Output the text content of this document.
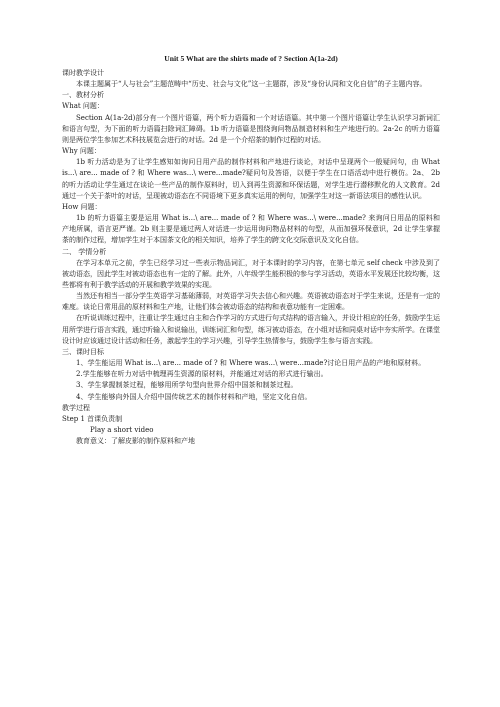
Unit 5 What are the shirts made of ? Section A(1a-2d)

课时教学设计

本课主题属于“人与社会”主题范畴中“历史、社会与文化”这一主题群，涉及“身份认同和文化自信”的子主题内容。

一、教材分析

What 问题：

Section A(1a-2d)部分有一个图片语篇，两个听力语篇和一个对话语篇。其中第一个图片语篇让学生认识学习新词汇和语言句型，为下面的听力语篇扫除词汇障碍。1b 听力语篇是围绕询问物品制造材料和生产地进行的。2a-2c 的听力语篇则是两位学生参加艺术科技展览会进行的对话。2d 是一个介绍茶的制作过程的对话。

Why 问题：

1b 听力活动是为了让学生感知如询问日用产品的制作材料和产地进行谈论，对话中呈现两个一般疑问句，由 What is...\ are... made of ? 和 Where was...\ were...made?疑问句及答语，以便于学生在口语活动中进行模仿。2a、 2b 的听力活动让学生通过在谈论一些产品的制作原料时，切入到再生资源和环保话题，对学生进行潜移默化的人文教育。2d 通过一个关于茶叶的对话，呈现被动语态在不同语境下更多真实运用的例句，加强学生对这一新语法项目的感性认识。

How 问题：

1b 的听力语篇主要是运用 What is...\ are... made of ? 和 Where was...\ were...made? 来询问日用品的原料和产地所属，语言更严谨。2b 则主要是通过两人对话进一步运用询问物品材料的句型，从而加强环保意识，2d 让学生掌握茶的制作过程，增加学生对于本国茶文化的相关知识，培养了学生的跨文化交际意识及文化自信。

二、 学情分析

在学习本单元之前，学生已经学习过一些表示物品词汇，对于本课时的学习内容，在第七单元 self check 中涉及到了被动语态，因此学生对被动语态也有一定的了解。此外，八年级学生能积极的参与学习活动，英语水平发展还比较均衡，这些都将有利于教学活动的开展和教学效果的实现。

当然还有相当一部分学生英语学习基础薄弱，对英语学习失去信心和兴趣。英语被动语态对于学生来说，还是有一定的难度。谈论日常用品的原材料和生产地，让他们体会被动语态的结构和表意功能有一定困难。

在听说训练过程中，注重让学生通过自主和合作学习的方式进行句式结构的语言输入，并设计相应的任务，鼓励学生运用所学进行语言实践，通过听输入和说输出，训练词汇和句型，练习被动语态，在小组对话和同桌对话中夯实所学。在课堂设计时应该通过设计活动和任务，激起学生的学习兴趣，引导学生热情参与，鼓励学生参与语言实践。

三、课时目标

1、学生能运用 What is...\ are... made of ? 和 Where was...\ were...made?讨论日用产品的产地和原材料。

2.学生能够在听力对话中梳理再生资源的原材料，并能通过对话的形式进行输出。

3、学生掌握制茶过程，能够用所学句型向世界介绍中国茶和制茶过程。

4、学生能够向外国人介绍中国传统艺术的制作材料和产地，坚定文化自信。

教学过程

Step 1 首课负责制

Play a short video

教育意义：了解皮影的制作原料和产地
